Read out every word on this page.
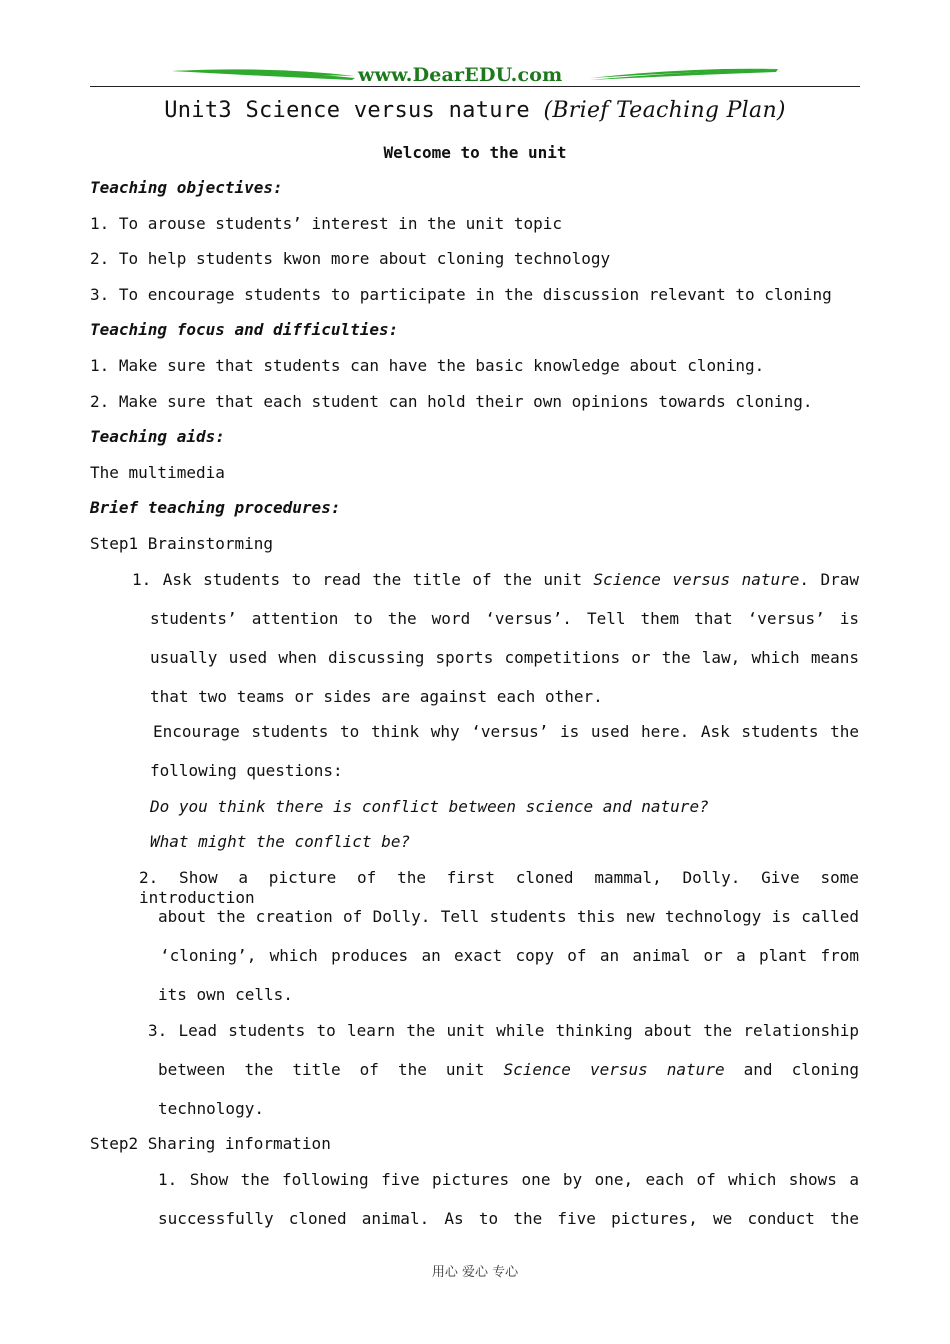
www.DearEDU.com
Unit3 Science versus nature (Brief Teaching Plan)
Welcome to the unit
Teaching objectives:
1. To arouse students’ interest in the unit topic
2. To help students kwon more about cloning technology
3. To encourage students to participate in the discussion relevant to cloning
Teaching focus and difficulties:
1. Make sure that students can have the basic knowledge about cloning.
2. Make sure that each student can hold their own opinions towards cloning.
Teaching aids:
The multimedia
Brief teaching procedures:
Step1 Brainstorming
1. Ask students to read the title of the unit Science versus nature. Draw
students’ attention to the word ‘versus’. Tell them that ‘versus’ is
usually used when discussing sports competitions or the law, which means
that two teams or sides are against each other.
Encourage students to think why ‘versus’ is used here. Ask students the
following questions:
Do you think there is conflict between science and nature?
What might the conflict be?
2. Show a picture of the first cloned mammal, Dolly. Give some introduction
about the creation of Dolly. Tell students this new technology is called
‘cloning’, which produces an exact copy of an animal or a plant from
its own cells.
3. Lead students to learn the unit while thinking about the relationship
between the title of the unit Science versus nature and cloning
technology.
Step2 Sharing information
1. Show the following five pictures one by one, each of which shows a
successfully cloned animal. As to the five pictures, we conduct the
用心 爱心 专心
